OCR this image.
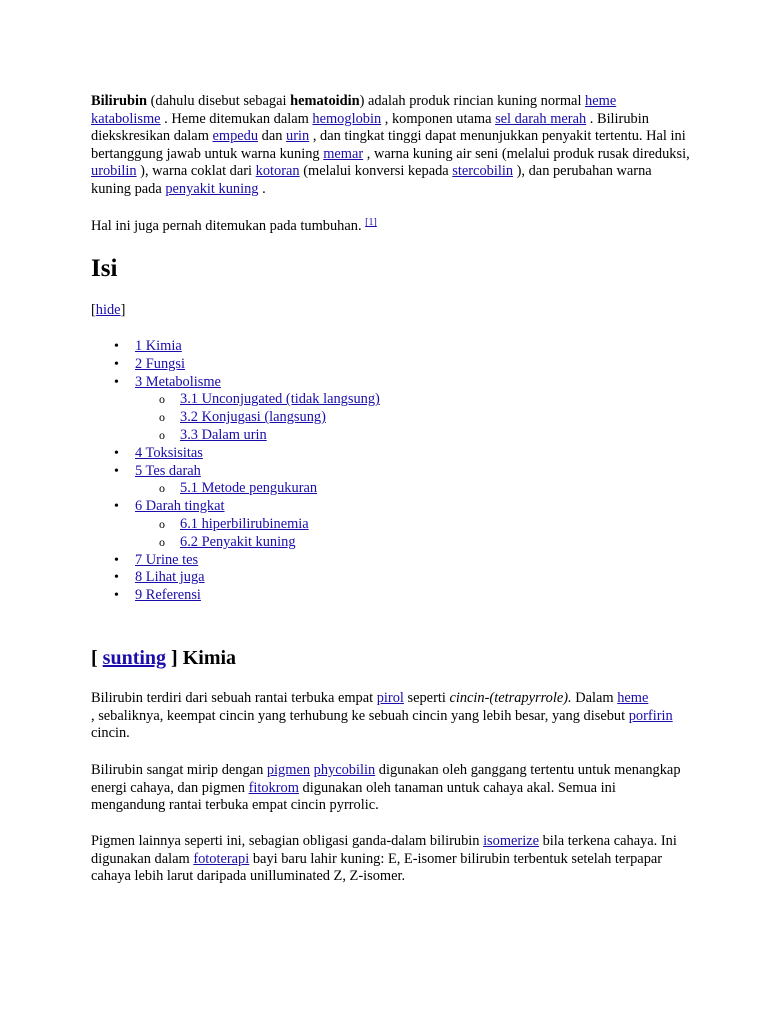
Bilirubin (dahulu disebut sebagai hematoidin) adalah produk rincian kuning normal heme
katabolisme . Heme ditemukan dalam hemoglobin , komponen utama sel darah merah . Bilirubin diekskresikan dalam empedu dan urin , dan tingkat tinggi dapat menunjukkan penyakit tertentu. Hal ini bertanggung jawab untuk warna kuning memar , warna kuning air seni (melalui produk rusak direduksi, urobilin ), warna coklat dari kotoran (melalui konversi kepada stercobilin ), dan perubahan warna kuning pada penyakit kuning .

Hal ini juga pernah ditemukan pada tumbuhan. [1]

Isi
[hide]
• 1 Kimia
• 2 Fungsi
• 3 Metabolisme
o 3.1 Unconjugated (tidak langsung)
o 3.2 Konjugasi (langsung)
o 3.3 Dalam urin
• 4 Toksisitas
• 5 Tes darah
o 5.1 Metode pengukuran
• 6 Darah tingkat
o 6.1 hiperbilirubinemia
o 6.2 Penyakit kuning
• 7 Urine tes
• 8 Lihat juga
• 9 Referensi
[ sunting ] Kimia

Bilirubin terdiri dari sebuah rantai terbuka empat pirol seperti cincin-(tetrapyrrole). Dalam heme
, sebaliknya, keempat cincin yang terhubung ke sebuah cincin yang lebih besar, yang disebut porfirin cincin.

Bilirubin sangat mirip dengan pigmen phycobilin digunakan oleh ganggang tertentu untuk menangkap energi cahaya, dan pigmen fitokrom digunakan oleh tanaman untuk cahaya akal. Semua ini mengandung rantai terbuka empat cincin pyrrolic.

Pigmen lainnya seperti ini, sebagian obligasi ganda-dalam bilirubin isomerize bila terkena cahaya. Ini digunakan dalam fototerapi bayi baru lahir kuning: E, E-isomer bilirubin terbentuk setelah terpapar cahaya lebih larut daripada unilluminated Z, Z-isomer.
